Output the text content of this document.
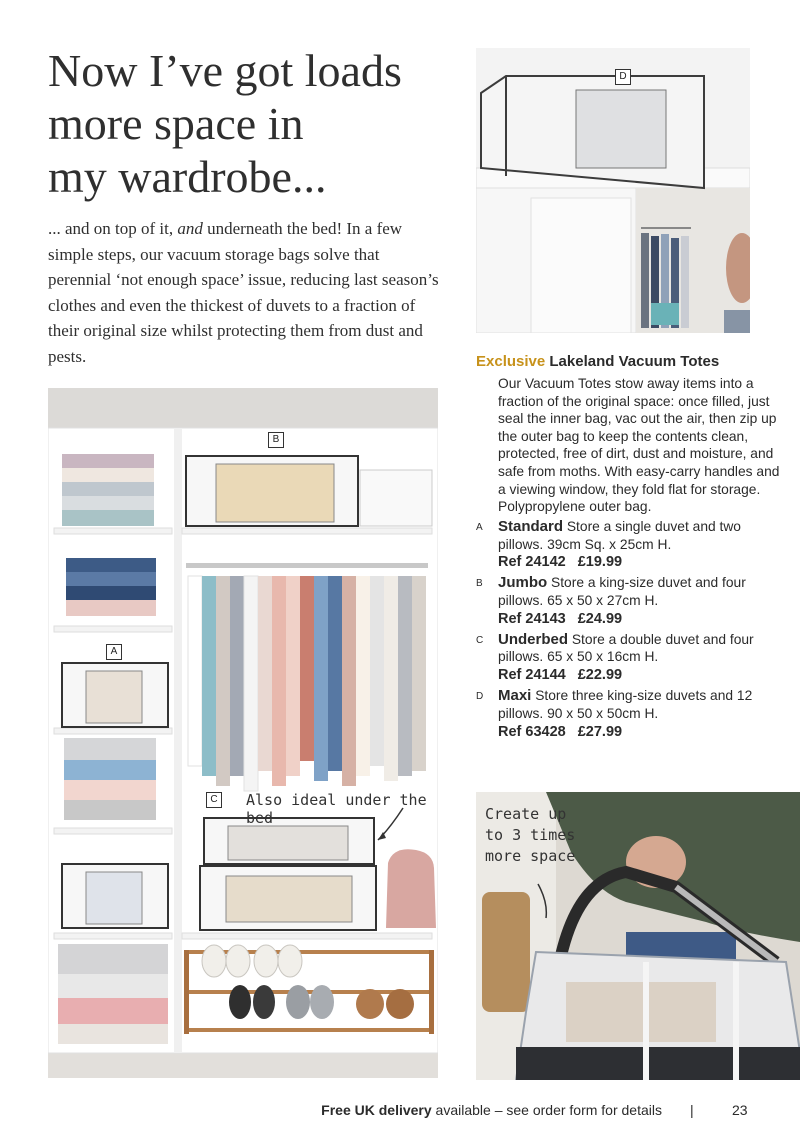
Now I’ve got loads
more space in
my wardrobe...

... and on top of it, and underneath the bed! In a few simple steps, our vacuum storage bags solve that perennial ‘not enough space’ issue, reducing last season’s clothes and even the thickest of duvets to a fraction of their original size whilst protecting them from dust and pests.

D
B
A
C Also ideal under the bed

Exclusive Lakeland Vacuum Totes

Our Vacuum Totes stow away items into a fraction of the original space: once filled, just seal the inner bag, vac out the air, then zip up the outer bag to keep the contents clean, protected, free of dirt, dust and moisture, and safe from moths. With easy-carry handles and a viewing window, they fold flat for storage. Polypropylene outer bag.

A	Standard Store a single duvet and two pillows. 39cm Sq. x 25cm H.
Ref 24142 £19.99
B	Jumbo Store a king-size duvet and four pillows. 65 x 50 x 27cm H.
Ref 24143 £24.99
C Underbed Store a double duvet and four pillows. 65 x 50 x 16cm H.
Ref 24144 £22.99
D Maxi Store three king-size duvets and 12 pillows. 90 x 50 x 50cm H.
Ref 63428 £27.99
Create up
to 3 times
more space
Free UK delivery available – see order form for details |	23
